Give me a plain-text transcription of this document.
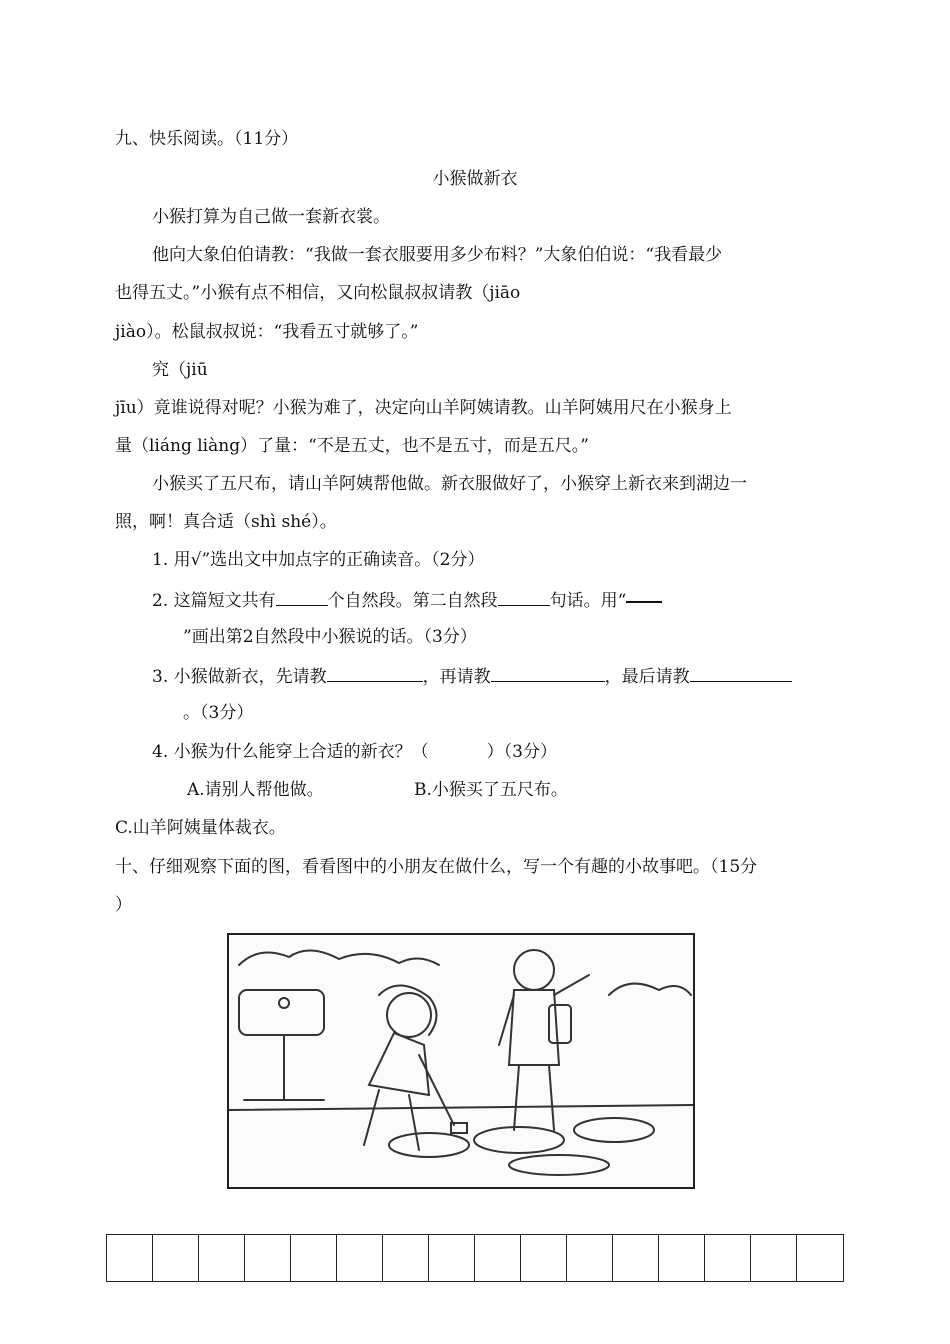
九、快乐阅读。（11分）
小猴做新衣
小猴打算为自己做一套新衣裳。
他向大象伯伯请教：“我做一套衣服要用多少布料？”大象伯伯说：“我看最少
也得五丈。”小猴有点不相信，又向松鼠叔叔请教（jiāo
jiào）。松鼠叔叔说：“我看五寸就够了。”
究（jiū
jīu）竟谁说得对呢？小猴为难了，决定向山羊阿姨请教。山羊阿姨用尺在小猴身上
量（liáng liàng）了量：“不是五丈，也不是五寸，而是五尺。”
小猴买了五尺布，请山羊阿姨帮他做。新衣服做好了，小猴穿上新衣来到湖边一
照，啊！真合适（shì shé）。
1. 用√”选出文中加点字的正确读音。（2分）
2. 这篇短文共有	个自然段。第二自然段	句话。用“
”画出第2自然段中小猴说的话。（3分）
3. 小猴做新衣，先请教	，再请教	，最后请教
。（3分）
4. 小猴为什么能穿上合适的新衣？（	）（3分）
A.请别人帮他做。	B.小猴买了五尺布。
C.山羊阿姨量体裁衣。
十、仔细观察下面的图，看看图中的小朋友在做什么，写一个有趣的小故事吧。（15分
）
